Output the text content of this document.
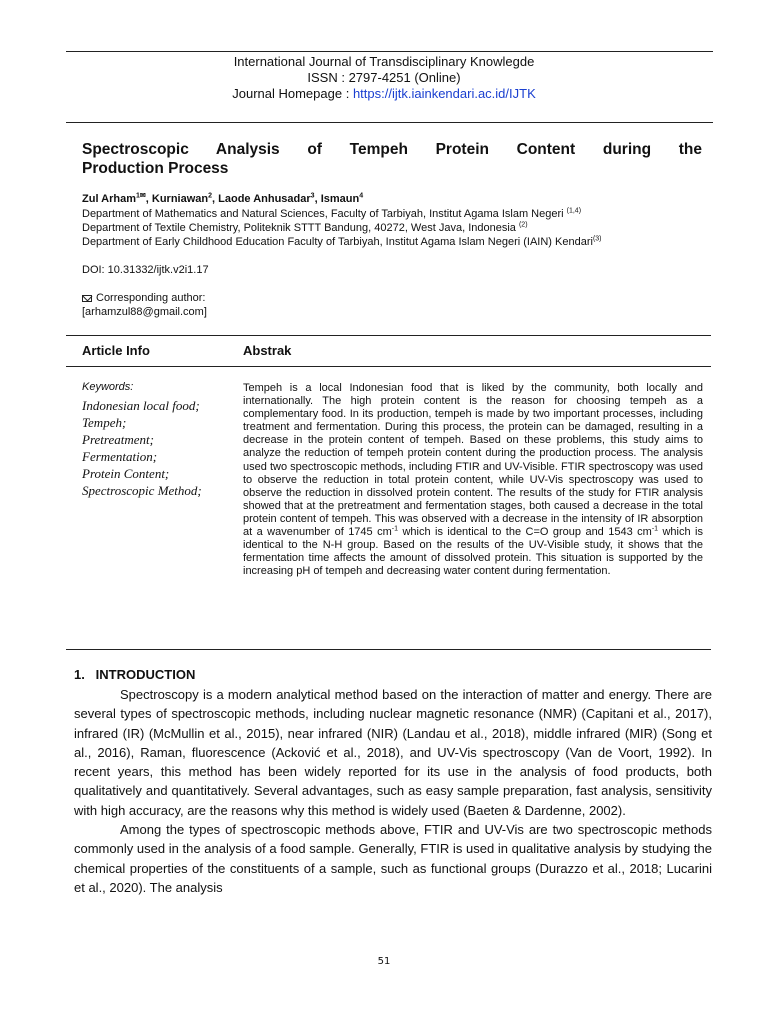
International Journal of Transdisciplinary Knowlegde
ISSN : 2797-4251 (Online)
Journal Homepage : https://ijtk.iainkendari.ac.id/IJTK
Spectroscopic Analysis of Tempeh Protein Content during the
Production Process
Zul Arham$^{1✉}$, Kurniawan$^2$, Laode Anhusadar$^3$, Ismaun$^4$
Department of Mathematics and Natural Sciences, Faculty of Tarbiyah, Institut Agama Islam Negeri $^{(1,4)}$
Department of Textile Chemistry, Politeknik STTT Bandung, 40272, West Java, Indonesia $^{(2)}$
Department of Early Childhood Education Faculty of Tarbiyah, Institut Agama Islam Negeri (IAIN) Kendari$^{(3)}$
DOI: 10.31332/ijtk.v2i1.17
Corresponding author:
[arhamzul88@gmail.com]
Article Info	Abstrak
Keywords:
Indonesian local food;
Tempeh;
Pretreatment;
Fermentation;
Protein Content;
Spectroscopic Method;
Tempeh is a local Indonesian food that is liked by the community, both locally and internationally. The high protein content is the reason for choosing tempeh as a complementary food. In its production, tempeh is made by two important processes, including treatment and fermentation. During this process, the protein can be damaged, resulting in a decrease in the protein content of tempeh. Based on these problems, this study aims to analyze the reduction of tempeh protein content during the production process. The analysis used two spectroscopic methods, including FTIR and UV-Visible. FTIR spectroscopy was used to observe the reduction in total protein content, while UV-Vis spectroscopy was used to observe the reduction in dissolved protein content. The results of the study for FTIR analysis showed that at the pretreatment and fermentation stages, both caused a decrease in the total protein content of tempeh. This was observed with a decrease in the intensity of IR absorption at a wavenumber of 1745 $cm^{-1}$ which is identical to the C=O group and 1543 $cm^{-1}$ which is identical to the N-H group. Based on the results of the UV-Visible study, it shows that the fermentation time affects the amount of dissolved protein. This situation is supported by the increasing pH of tempeh and decreasing water content during fermentation.
1.   INTRODUCTION

Spectroscopy is a modern analytical method based on the interaction of matter and energy. There are several types of spectroscopic methods, including nuclear magnetic resonance (NMR) (Capitani et al., 2017), infrared (IR) (McMullin et al., 2015), near infrared (NIR) (Landau et al., 2018), middle infrared (MIR) (Song et al., 2016), Raman, fluorescence (Acković et al., 2018), and UV-Vis spectroscopy (Van de Voort, 1992). In recent years, this method has been widely reported for its use in the analysis of food products, both qualitatively and quantitatively. Several advantages, such as easy sample preparation, fast analysis, sensitivity with high accuracy, are the reasons why this method is widely used (Baeten & Dardenne, 2002).

Among the types of spectroscopic methods above, FTIR and UV-Vis are two spectroscopic methods commonly used in the analysis of a food sample. Generally, FTIR is used in qualitative analysis by studying the chemical properties of the constituents of a sample, such as functional groups (Durazzo et al., 2018; Lucarini et al., 2020). The analysis

51
